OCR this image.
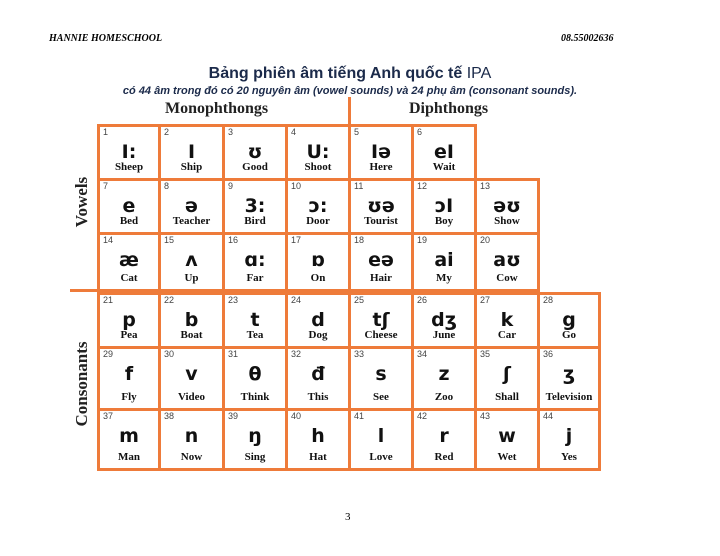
HANNIE HOMESCHOOL	08.55002636
Bảng phiên âm tiếng Anh quốc tế IPA
có 44 âm trong đó có 20 nguyên âm (vowel sounds) và 24 phụ âm (consonant sounds).
Monophthongs	Diphthongs
Vowels
Consonants
1
I:
Sheep
2
I
Ship
3
ʊ
Good
4
U:
Shoot
5
Iə
Here
6
eI
Wait
7
e
Bed
8
ə
Teacher
9
3:
Bird
10
ɔ:
Door
11
ʊə
Tourist
12
ɔI
Boy
13
əʊ
Show
14
æ
Cat
15
ʌ
Up
16
ɑ:
Far
17
ɒ
On
18
eə
Hair
19
ai
My
20
aʊ
Cow
21
p
Pea
22
b
Boat
23
t
Tea
24
d
Dog
25
tʃ
Cheese
26
dʒ
June
27
k
Car
28
g
Go
29
f
Fly
30
v
Video
31
θ
Think
32
đ
This
33
s
See
34
z
Zoo
35
ʃ
Shall
36
ʒ
Television
37
m
Man
38
n
Now
39
ŋ
Sing
40
h
Hat
41
l
Love
42
r
Red
43
w
Wet
44
j
Yes
3
